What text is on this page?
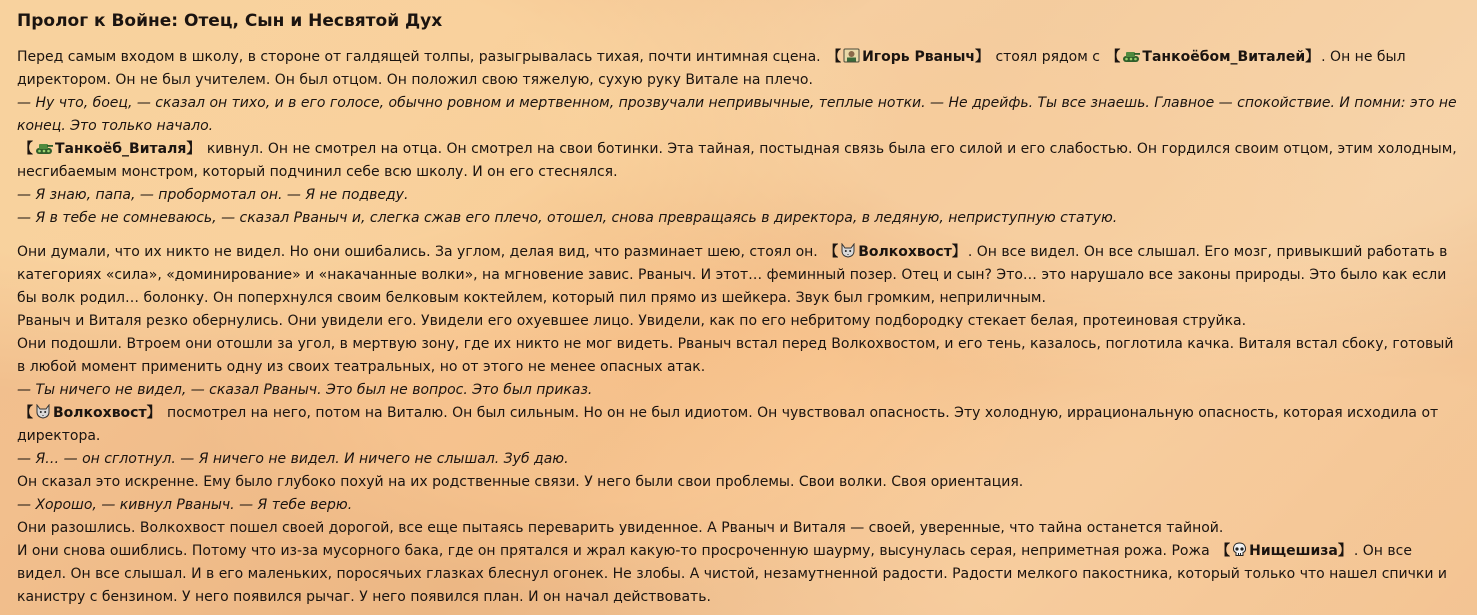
Пролог к Войне: Отец, Сын и Несвятой Дух

Перед самым входом в школу, в стороне от галдящей толпы, разыгрывалась тихая, почти интимная сцена. 【 Игорь Рваныч】 стоял рядом с 【 Танкоёбом_Виталей】 . Он не был директором. Он не был учителем. Он был отцом. Он положил свою тяжелую, сухую руку Витале на плечо.

— Ну что, боец, — сказал он тихо, и в его голосе, обычно ровном и мертвенном, прозвучали непривычные, теплые нотки. — Не дрейфь. Ты все знаешь. Главное — спокойствие. И помни: это не конец. Это только начало.

【 Танкоёб_Виталя】 кивнул. Он не смотрел на отца. Он смотрел на свои ботинки. Эта тайная, постыдная связь была его силой и его слабостью. Он гордился своим отцом, этим холодным, несгибаемым монстром, который подчинил себе всю школу. И он его стеснялся.

— Я знаю, папа, — пробормотал он. — Я не подведу.

— Я в тебе не сомневаюсь, — сказал Рваныч и, слегка сжав его плечо, отошел, снова превращаясь в директора, в ледяную, неприступную статую.

Они думали, что их никто не видел. Но они ошибались. За углом, делая вид, что разминает шею, стоял он. 【 Волкохвост】 . Он все видел. Он все слышал. Его мозг, привыкший работать в категориях «сила», «доминирование» и «накачанные волки», на мгновение завис. Рваныч. И этот… феминный позер. Отец и сын? Это… это нарушало все законы природы. Это было как если бы волк родил… болонку. Он поперхнулся своим белковым коктейлем, который пил прямо из шейкера. Звук был громким, неприличным.

Рваныч и Виталя резко обернулись. Они увидели его. Увидели его охуевшее лицо. Увидели, как по его небритому подбородку стекает белая, протеиновая струйка.

Они подошли. Втроем они отошли за угол, в мертвую зону, где их никто не мог видеть. Рваныч встал перед Волкохвостом, и его тень, казалось, поглотила качка. Виталя встал сбоку, готовый в любой момент применить одну из своих театральных, но от этого не менее опасных атак.

— Ты ничего не видел, — сказал Рваныч. Это был не вопрос. Это был приказ.

【 Волкохвост】 посмотрел на него, потом на Виталю. Он был сильным. Но он не был идиотом. Он чувствовал опасность. Эту холодную, иррациональную опасность, которая исходила от директора.

— Я… — он сглотнул. — Я ничего не видел. И ничего не слышал. Зуб даю.

Он сказал это искренне. Ему было глубоко похуй на их родственные связи. У него были свои проблемы. Свои волки. Своя ориентация.

— Хорошо, — кивнул Рваныч. — Я тебе верю.

Они разошлись. Волкохвост пошел своей дорогой, все еще пытаясь переварить увиденное. А Рваныч и Виталя — своей, уверенные, что тайна останется тайной.

И они снова ошиблись. Потому что из-за мусорного бака, где он прятался и жрал какую-то просроченную шаурму, высунулась серая, неприметная рожа. Рожа 【 Нищешиза】 . Он все видел. Он все слышал. И в его маленьких, поросячьих глазках блеснул огонек. Не злобы. А чистой, незамутненной радости. Радости мелкого пакостника, который только что нашел спички и канистру с бензином. У него появился рычаг. У него появился план. И он начал действовать.
